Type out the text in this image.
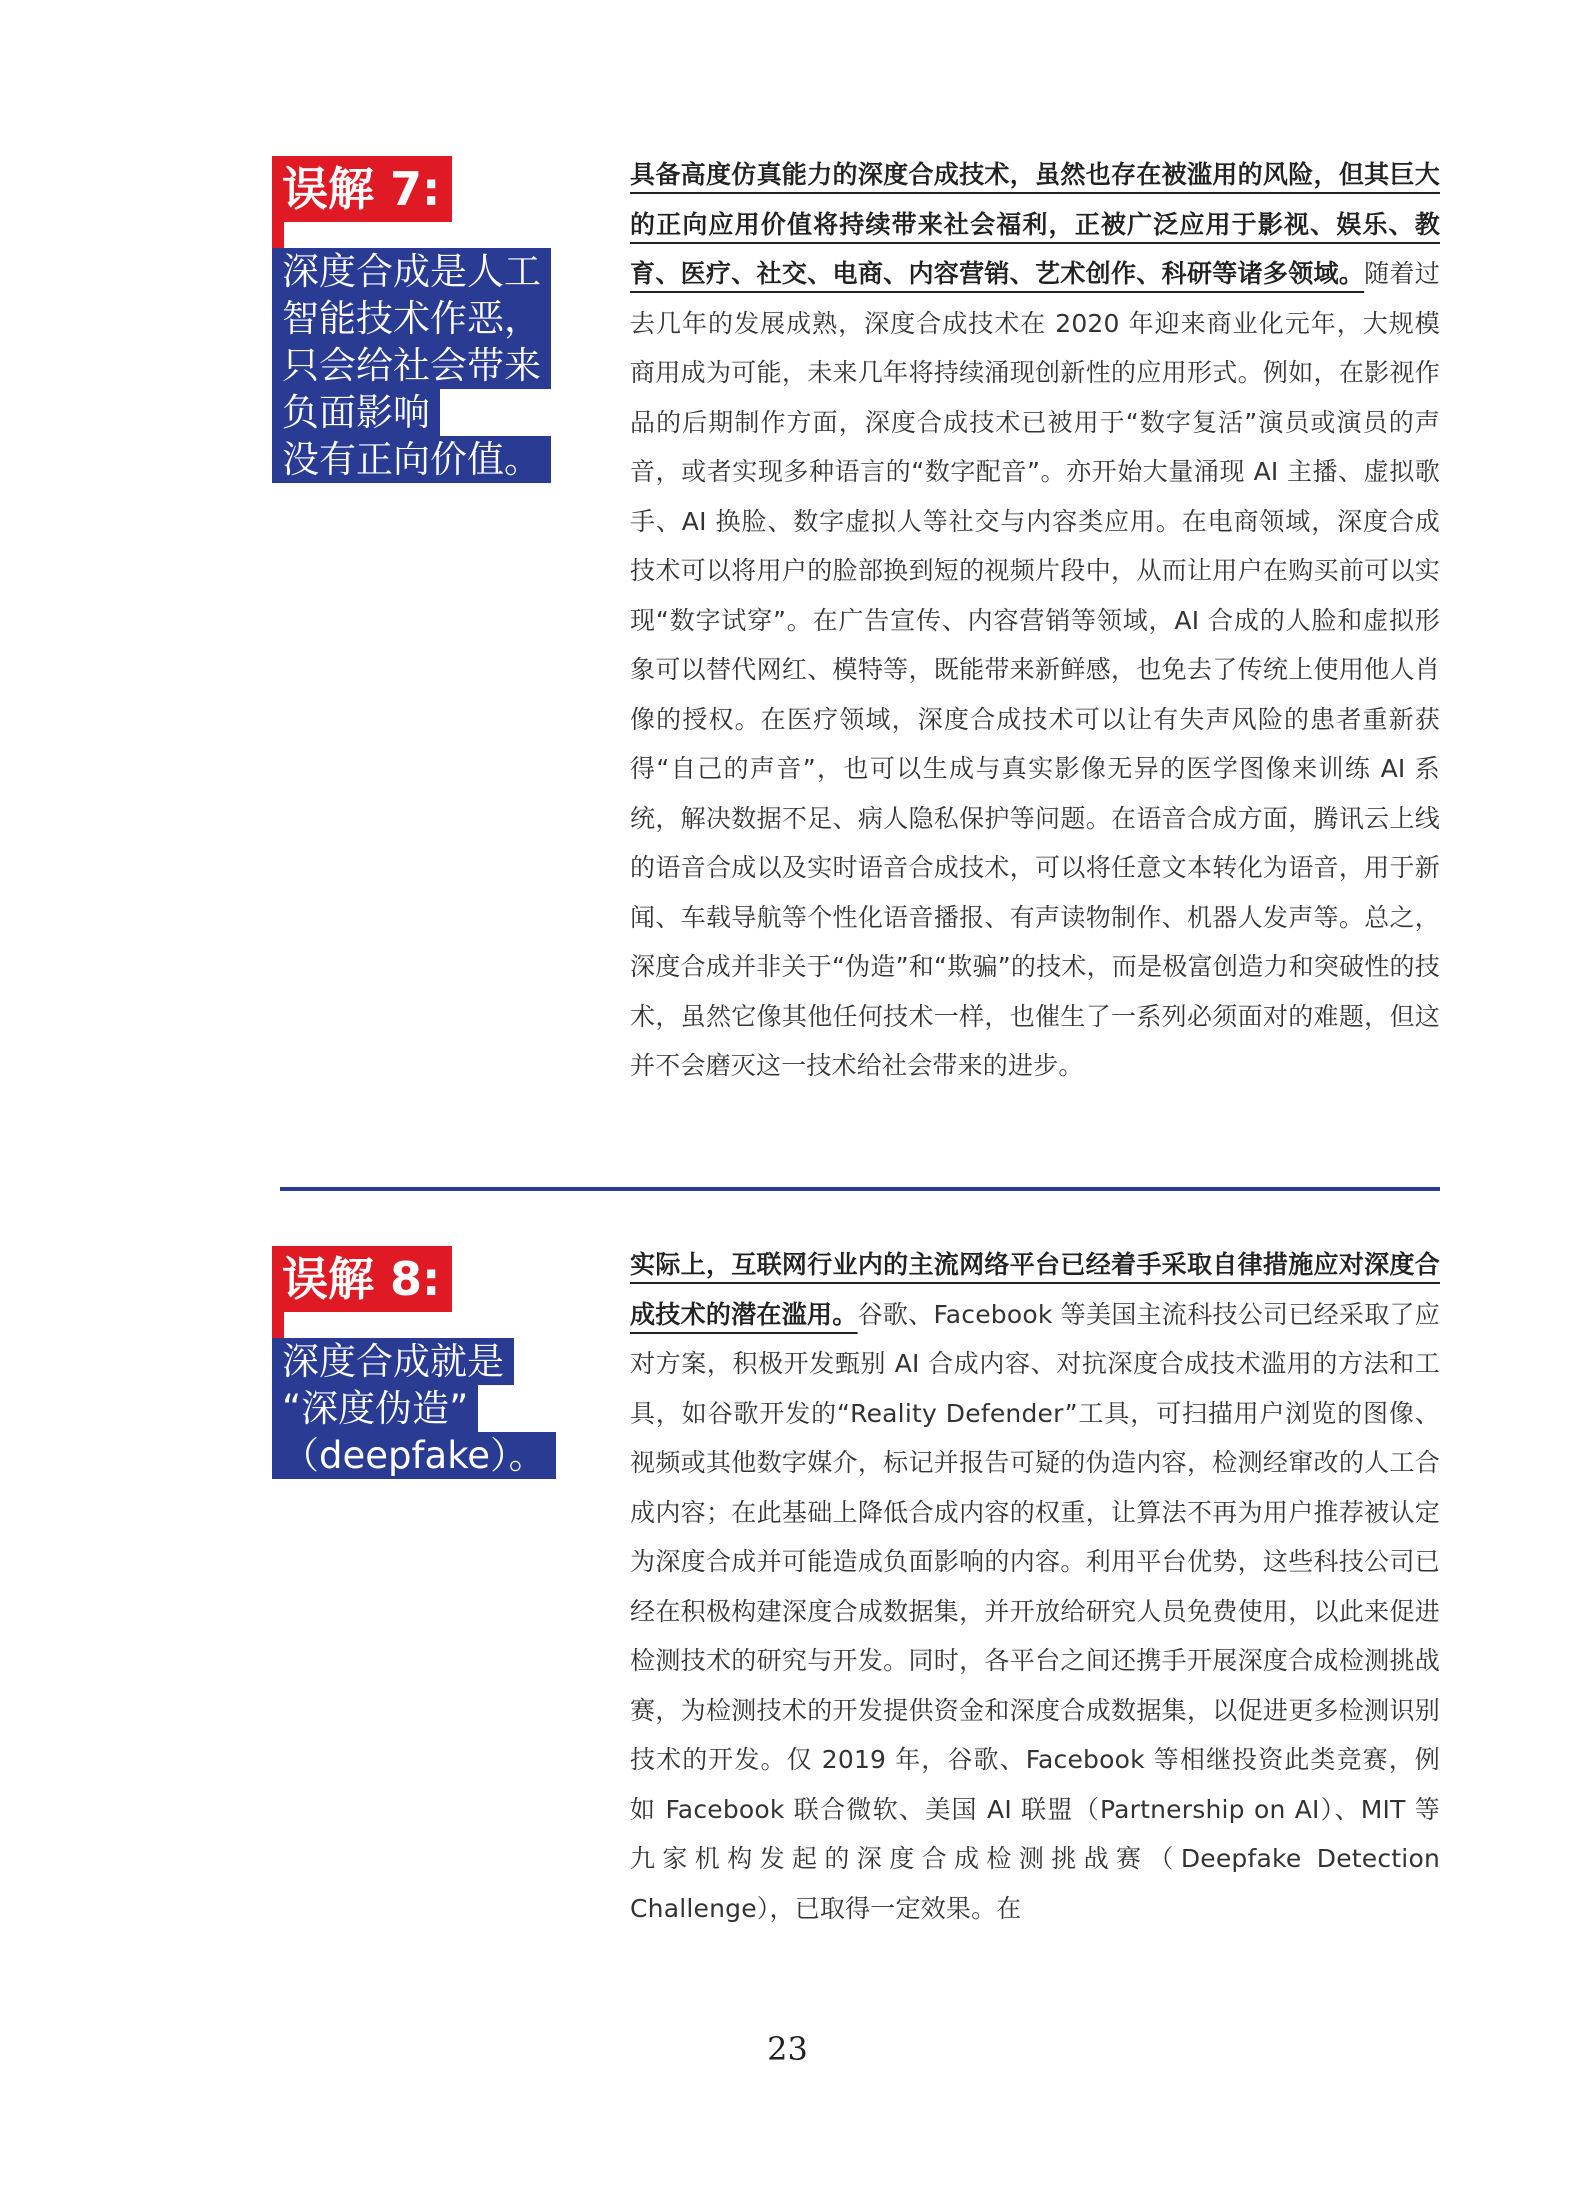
误解 7:
深度合成是人工
智能技术作恶，
只会给社会带来
负面影响
没有正向价值。
具备高度仿真能力的深度合成技术，虽然也存在被滥用的风险，但其巨大的正向应用价值将持续带来社会福利，正被广泛应用于影视、娱乐、教育、医疗、社交、电商、内容营销、艺术创作、科研等诸多领域。随着过去几年的发展成熟，深度合成技术在 2020 年迎来商业化元年，大规模商用成为可能，未来几年将持续涌现创新性的应用形式。例如，在影视作品的后期制作方面，深度合成技术已被用于“数字复活”演员或演员的声音，或者实现多种语言的“数字配音”。亦开始大量涌现 AI 主播、虚拟歌手、AI 换脸、数字虚拟人等社交与内容类应用。在电商领域，深度合成技术可以将用户的脸部换到短的视频片段中，从而让用户在购买前可以实现“数字试穿”。在广告宣传、内容营销等领域，AI 合成的人脸和虚拟形象可以替代网红、模特等，既能带来新鲜感，也免去了传统上使用他人肖像的授权。在医疗领域，深度合成技术可以让有失声风险的患者重新获得“自己的声音”，也可以生成与真实影像无异的医学图像来训练 AI 系统，解决数据不足、病人隐私保护等问题。在语音合成方面，腾讯云上线的语音合成以及实时语音合成技术，可以将任意文本转化为语音，用于新闻、车载导航等个性化语音播报、有声读物制作、机器人发声等。总之，深度合成并非关于“伪造”和“欺骗”的技术，而是极富创造力和突破性的技术，虽然它像其他任何技术一样，也催生了一系列必须面对的难题，但这并不会磨灭这一技术给社会带来的进步。
误解 8:
深度合成就是
“深度伪造”
（deepfake）。
实际上，互联网行业内的主流网络平台已经着手采取自律措施应对深度合成技术的潜在滥用。谷歌、Facebook 等美国主流科技公司已经采取了应对方案，积极开发甄别 AI 合成内容、对抗深度合成技术滥用的方法和工具，如谷歌开发的“Reality Defender”工具，可扫描用户浏览的图像、视频或其他数字媒介，标记并报告可疑的伪造内容，检测经窜改的人工合成内容；在此基础上降低合成内容的权重，让算法不再为用户推荐被认定为深度合成并可能造成负面影响的内容。利用平台优势，这些科技公司已经在积极构建深度合成数据集，并开放给研究人员免费使用，以此来促进检测技术的研究与开发。同时，各平台之间还携手开展深度合成检测挑战赛，为检测技术的开发提供资金和深度合成数据集，以促进更多检测识别技术的开发。仅 2019 年，谷歌、Facebook 等相继投资此类竞赛，例如 Facebook 联合微软、美国 AI 联盟（Partnership on AI）、MIT 等九家机构发起的深度合成检测挑战赛（Deepfake Detection Challenge），已取得一定效果。在
23
